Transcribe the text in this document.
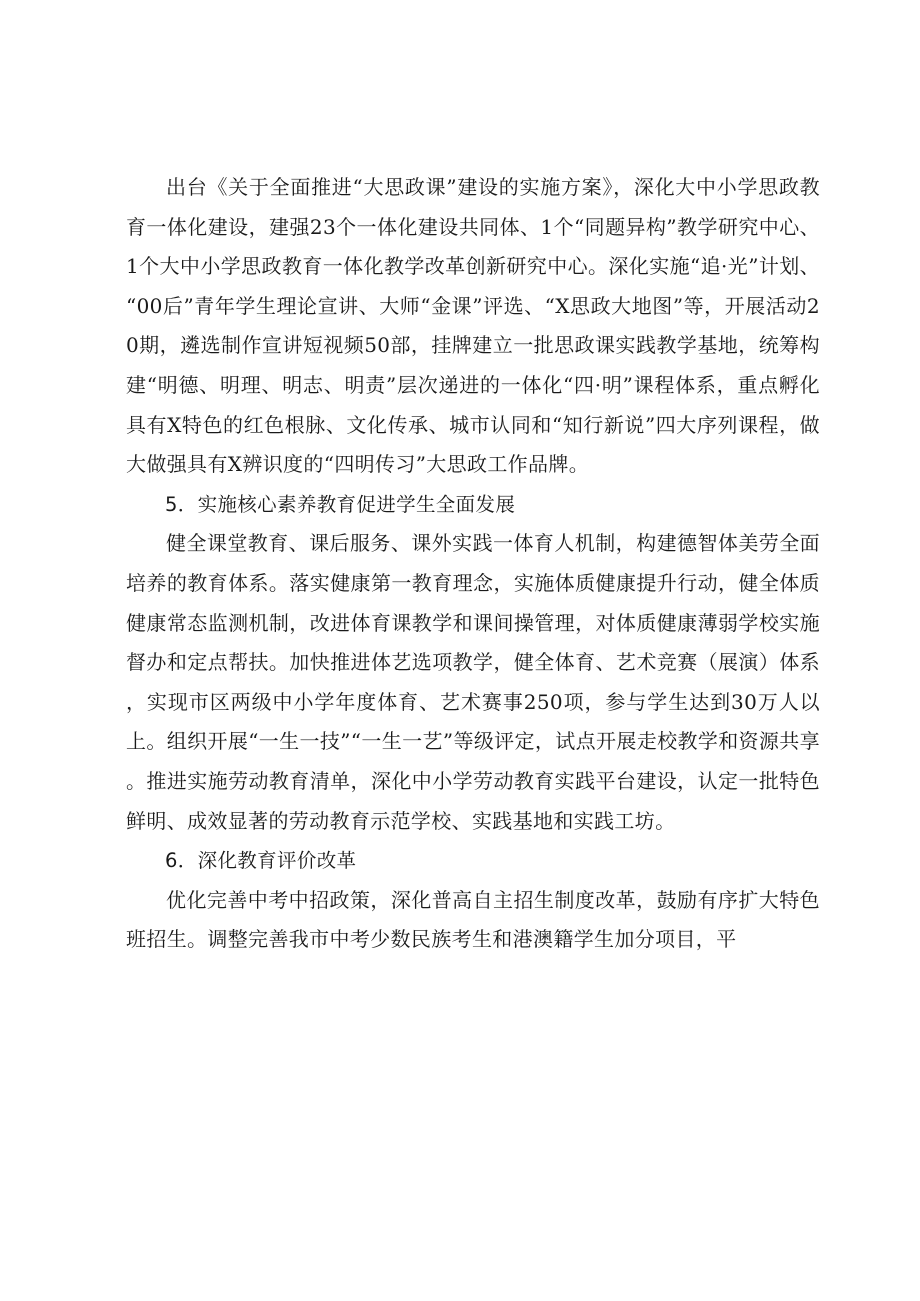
出台《关于全面推进“大思政课”建设的实施方案》，深化大中小学思政教育一体化建设，建强23个一体化建设共同体、1个“同题异构”教学研究中心、1个大中小学思政教育一体化教学改革创新研究中心。深化实施“追·光”计划、“00后”青年学生理论宣讲、大师“金课”评选、“X思政大地图”等，开展活动20期，遴选制作宣讲短视频50部，挂牌建立一批思政课实践教学基地，统筹构建“明德、明理、明志、明责”层次递进的一体化“四·明”课程体系，重点孵化具有X特色的红色根脉、文化传承、城市认同和“知行新说”四大序列课程，做大做强具有X辨识度的“四明传习”大思政工作品牌。

5．实施核心素养教育促进学生全面发展

健全课堂教育、课后服务、课外实践一体育人机制，构建德智体美劳全面培养的教育体系。落实健康第一教育理念，实施体质健康提升行动，健全体质健康常态监测机制，改进体育课教学和课间操管理，对体质健康薄弱学校实施督办和定点帮扶。加快推进体艺选项教学，健全体育、艺术竞赛（展演）体系，实现市区两级中小学年度体育、艺术赛事250项，参与学生达到30万人以上。组织开展“一生一技”“一生一艺”等级评定，试点开展走校教学和资源共享。推进实施劳动教育清单，深化中小学劳动教育实践平台建设，认定一批特色鲜明、成效显著的劳动教育示范学校、实践基地和实践工坊。

6．深化教育评价改革

优化完善中考中招政策，深化普高自主招生制度改革，鼓励有序扩大特色班招生。调整完善我市中考少数民族考生和港澳籍学生加分项目，平
